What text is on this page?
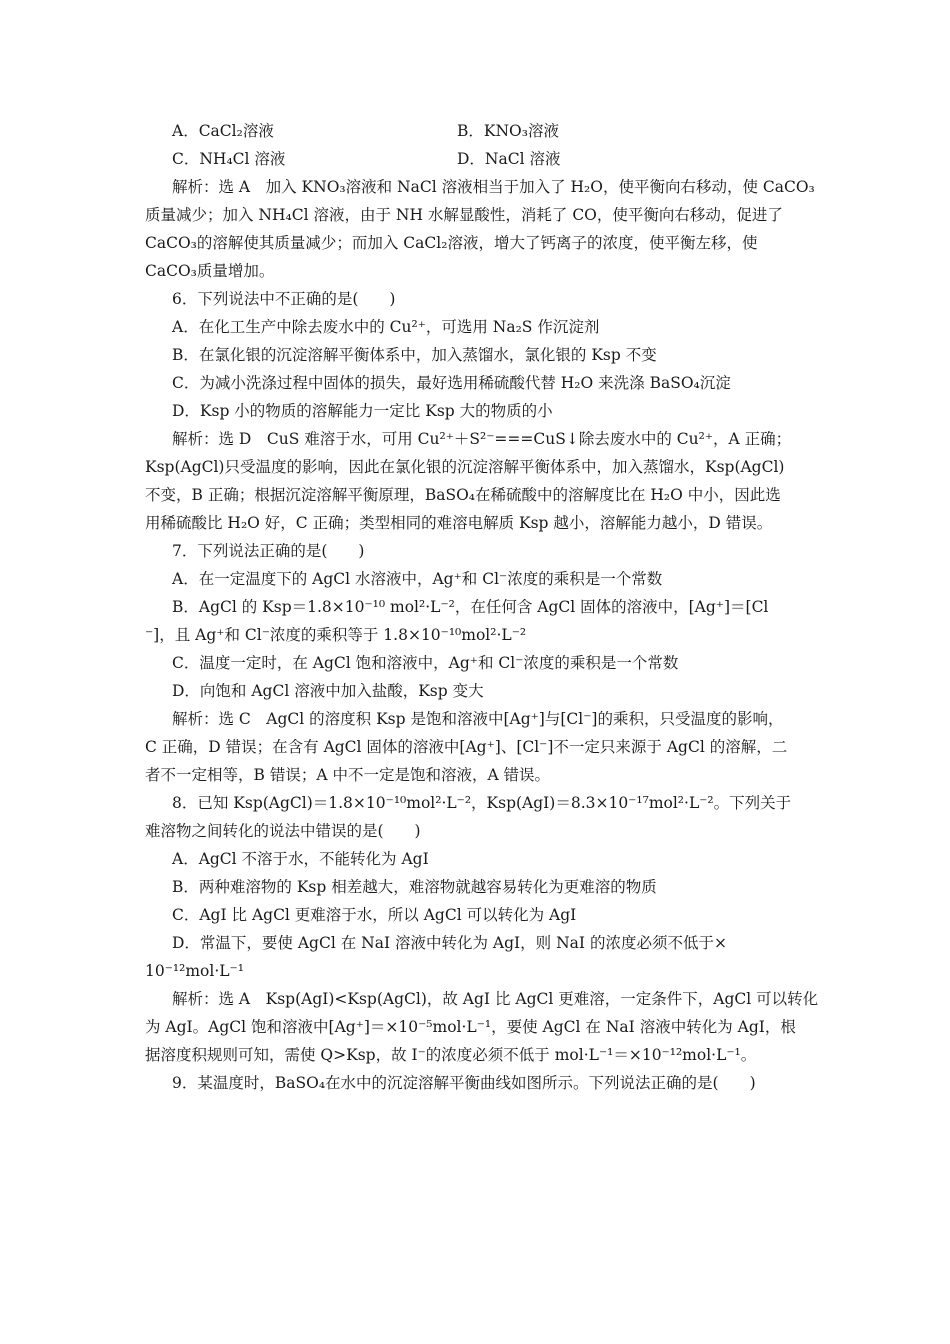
A．CaCl₂溶液	B．KNO₃溶液
C．NH₄Cl 溶液	D．NaCl 溶液
解析：选 A　加入 KNO₃溶液和 NaCl 溶液相当于加入了 H₂O，使平衡向右移动，使 CaCO₃
质量减少；加入 NH₄Cl 溶液，由于 NH 水解显酸性，消耗了 CO，使平衡向右移动，促进了
CaCO₃的溶解使其质量减少；而加入 CaCl₂溶液，增大了钙离子的浓度，使平衡左移，使
CaCO₃质量增加。
6．下列说法中不正确的是(　　)
A．在化工生产中除去废水中的 Cu²⁺，可选用 Na₂S 作沉淀剂
B．在氯化银的沉淀溶解平衡体系中，加入蒸馏水，氯化银的 Ksp 不变
C．为减小洗涤过程中固体的损失，最好选用稀硫酸代替 H₂O 来洗涤 BaSO₄沉淀
D．Ksp 小的物质的溶解能力一定比 Ksp 大的物质的小
解析：选 D　CuS 难溶于水，可用 Cu²⁺＋S²⁻===CuS↓除去废水中的 Cu²⁺，A 正确；
Ksp(AgCl)只受温度的影响，因此在氯化银的沉淀溶解平衡体系中，加入蒸馏水，Ksp(AgCl)
不变，B 正确；根据沉淀溶解平衡原理，BaSO₄在稀硫酸中的溶解度比在 H₂O 中小，因此选
用稀硫酸比 H₂O 好，C 正确；类型相同的难溶电解质 Ksp 越小，溶解能力越小，D 错误。
7．下列说法正确的是(　　)
A．在一定温度下的 AgCl 水溶液中，Ag⁺和 Cl⁻浓度的乘积是一个常数
B．AgCl 的 Ksp＝1.8×10⁻¹⁰ mol²·L⁻²，在任何含 AgCl 固体的溶液中，[Ag⁺]＝[Cl
⁻]，且 Ag⁺和 Cl⁻浓度的乘积等于 1.8×10⁻¹⁰mol²·L⁻²
C．温度一定时，在 AgCl 饱和溶液中，Ag⁺和 Cl⁻浓度的乘积是一个常数
D．向饱和 AgCl 溶液中加入盐酸，Ksp 变大
解析：选 C　AgCl 的溶度积 Ksp 是饱和溶液中[Ag⁺]与[Cl⁻]的乘积，只受温度的影响，
C 正确，D 错误；在含有 AgCl 固体的溶液中[Ag⁺]、[Cl⁻]不一定只来源于 AgCl 的溶解，二
者不一定相等，B 错误；A 中不一定是饱和溶液，A 错误。
8．已知 Ksp(AgCl)＝1.8×10⁻¹⁰mol²·L⁻²，Ksp(AgI)＝8.3×10⁻¹⁷mol²·L⁻²。下列关于
难溶物之间转化的说法中错误的是(　　)
A．AgCl 不溶于水，不能转化为 AgI
B．两种难溶物的 Ksp 相差越大，难溶物就越容易转化为更难溶的物质
C．AgI 比 AgCl 更难溶于水，所以 AgCl 可以转化为 AgI
D．常温下，要使 AgCl 在 NaI 溶液中转化为 AgI，则 NaI 的浓度必须不低于×
10⁻¹²mol·L⁻¹
解析：选 A　Ksp(AgI)<Ksp(AgCl)，故 AgI 比 AgCl 更难溶，一定条件下，AgCl 可以转化
为 AgI。AgCl 饱和溶液中[Ag⁺]＝×10⁻⁵mol·L⁻¹，要使 AgCl 在 NaI 溶液中转化为 AgI，根
据溶度积规则可知，需使 Q>Ksp，故 I⁻的浓度必须不低于 mol·L⁻¹＝×10⁻¹²mol·L⁻¹。
9．某温度时，BaSO₄在水中的沉淀溶解平衡曲线如图所示。下列说法正确的是(　　)
